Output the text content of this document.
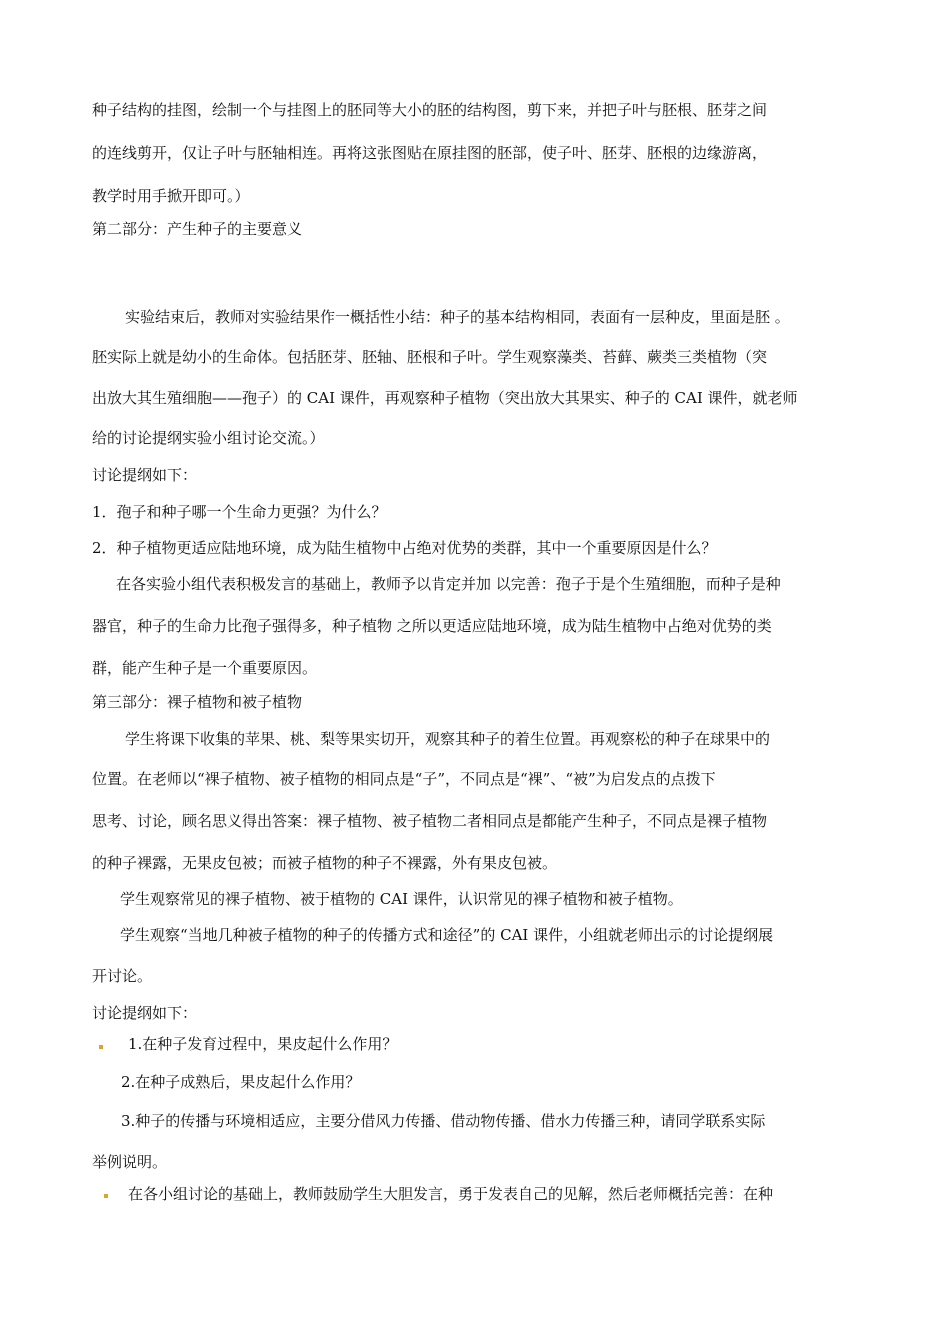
种子结构的挂图，绘制一个与挂图上的胚同等大小的胚的结构图，剪下来，并把子叶与胚根、胚芽之间
的连线剪开，仅让子叶与胚轴相连。再将这张图贴在原挂图的胚部，使子叶、胚芽、胚根的边缘游离，
教学时用手掀开即可。）
第二部分：产生种子的主要意义
实验结束后，教师对实验结果作一概括性小结：种子的基本结构相同，表面有一层种皮，里面是胚 。
胚实际上就是幼小的生命体。包括胚芽、胚轴、胚根和子叶。学生观察藻类、苔藓、蕨类三类植物（突
出放大其生殖细胞——孢子）的 CAI 课件，再观察种子植物（突出放大其果实、种子的 CAI 课件，就老师
给的讨论提纲实验小组讨论交流。）
讨论提纲如下：
1．孢子和种子哪一个生命力更强？为什么？
2．种子植物更适应陆地环境，成为陆生植物中占绝对优势的类群，其中一个重要原因是什么？
在各实验小组代表积极发言的基础上，教师予以肯定并加 以完善：孢子于是个生殖细胞，而种子是种
器官，种子的生命力比孢子强得多，种子植物 之所以更适应陆地环境，成为陆生植物中占绝对优势的类
群，能产生种子是一个重要原因。
第三部分：裸子植物和被子植物
学生将课下收集的苹果、桃、梨等果实切开，观察其种子的着生位置。再观察松的种子在球果中的
位置。在老师以“裸子植物、被子植物的相同点是“子”，不同点是“裸”、“被”为启发点的点拨下
思考、讨论，顾名思义得出答案：裸子植物、被子植物二者相同点是都能产生种子，不同点是裸子植物
的种子裸露，无果皮包被；而被子植物的种子不裸露，外有果皮包被。
学生观察常见的裸子植物、被于植物的 CAI 课件，认识常见的裸子植物和被子植物。
学生观察“当地几种被子植物的种子的传播方式和途径”的 CAI 课件，小组就老师出示的讨论提纲展
开讨论。
讨论提纲如下：
1.在种子发育过程中，果皮起什么作用？
2.在种子成熟后，果皮起什么作用？
3.种子的传播与环境相适应，主要分借风力传播、借动物传播、借水力传播三种，请同学联系实际
举例说明。
在各小组讨论的基础上，教师鼓励学生大胆发言，勇于发表自己的见解，然后老师概括完善：在种
